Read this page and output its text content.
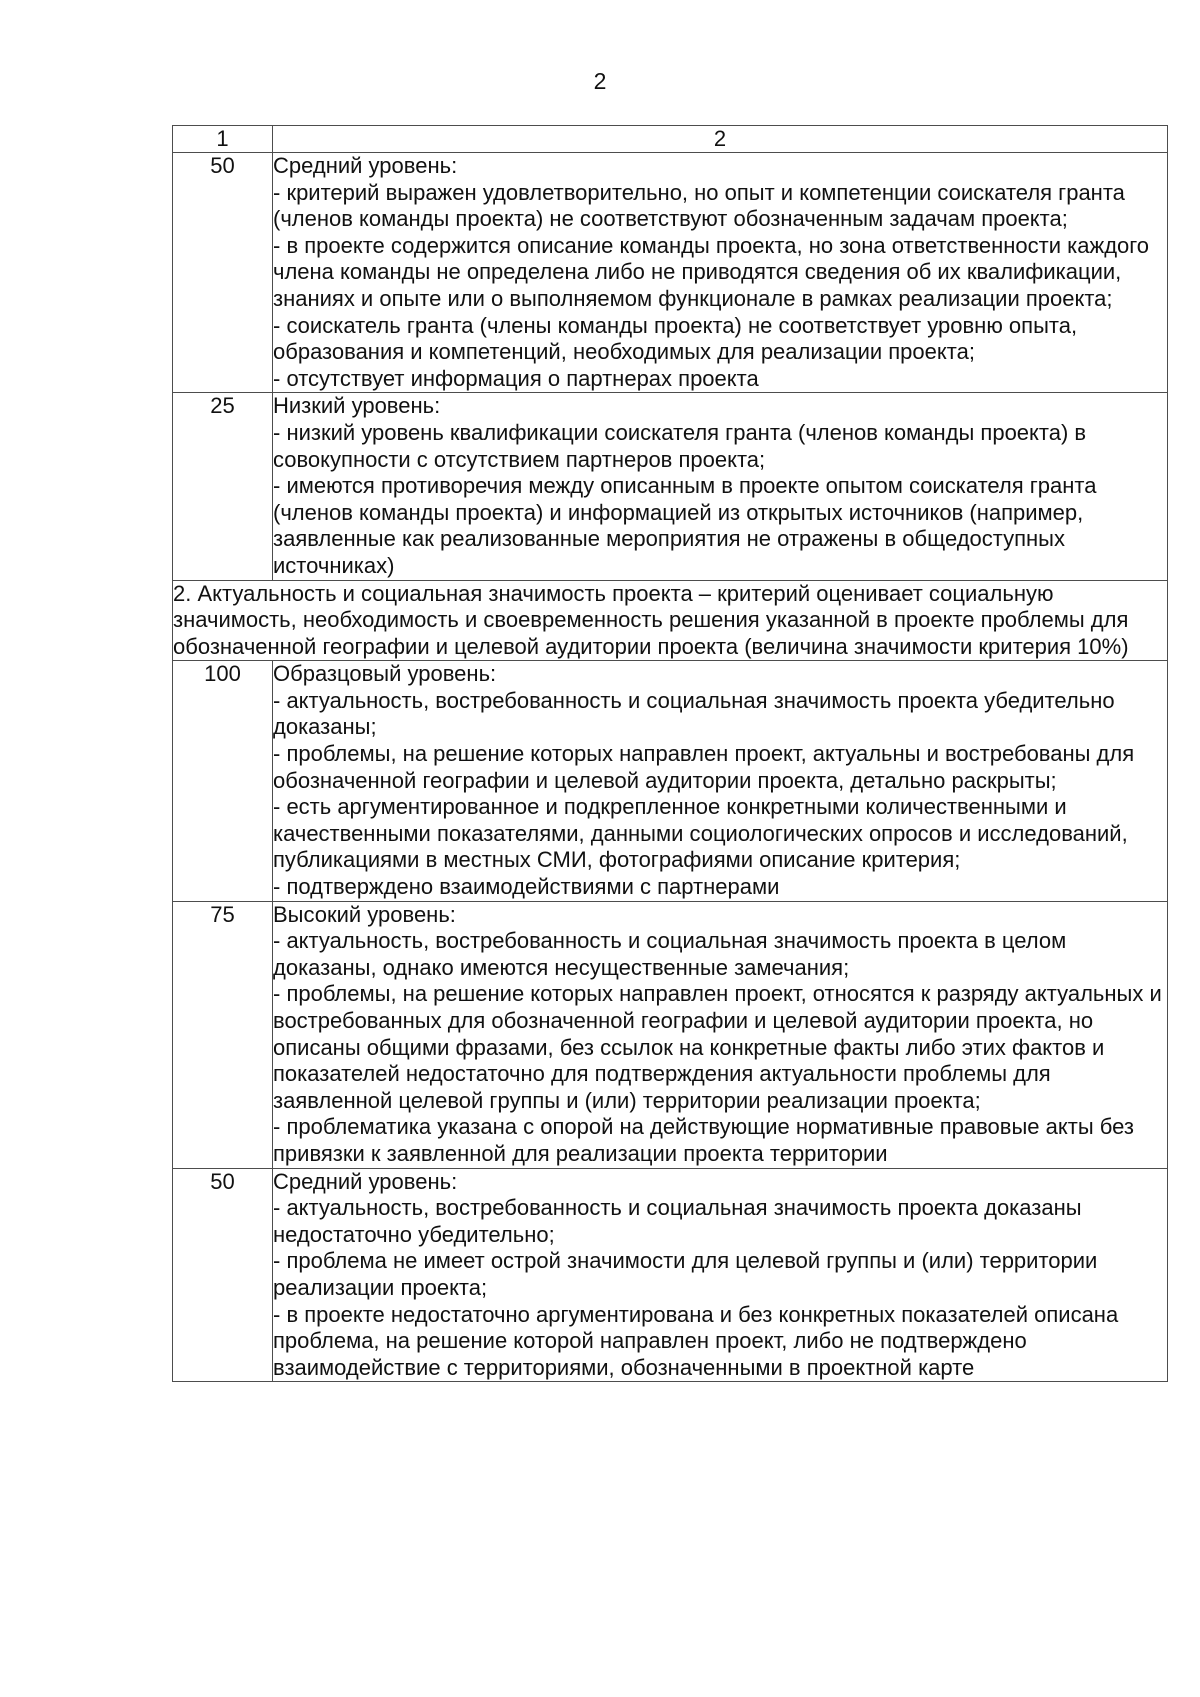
2
1	2
50	Средний уровень:
- критерий выражен удовлетворительно, но опыт и компетенции соискателя гранта (членов команды проекта) не соответствуют обозначенным задачам проекта;
- в проекте содержится описание команды проекта, но зона ответственности каждого члена команды не определена либо не приводятся сведения об их квалификации, знаниях и опыте или о выполняемом функционале в рамках реализации проекта;
- соискатель гранта (члены команды проекта) не соответствует уровню опыта, образования и компетенций, необходимых для реализации проекта;
- отсутствует информация о партнерах проекта

25	Низкий уровень:
- низкий уровень квалификации соискателя гранта (членов команды проекта) в совокупности с отсутствием партнеров проекта;
- имеются противоречия между описанным в проекте опытом соискателя гранта (членов команды проекта) и информацией из открытых источников (например, заявленные как реализованные мероприятия не отражены в общедоступных источниках)

2. Актуальность и социальная значимость проекта – критерий оценивает социальную значимость, необходимость и своевременность решения указанной в проекте проблемы для обозначенной географии и целевой аудитории проекта (величина значимости критерия 10%)	
100	Образцовый уровень:
- актуальность, востребованность и социальная значимость проекта убедительно доказаны;
- проблемы, на решение которых направлен проект, актуальны и востребованы для обозначенной географии и целевой аудитории проекта, детально раскрыты;
- есть аргументированное и подкрепленное конкретными количественными и качественными показателями, данными социологических опросов и исследований, публикациями в местных СМИ, фотографиями описание критерия;
- подтверждено взаимодействиями с партнерами

75	Высокий уровень:
- актуальность, востребованность и социальная значимость проекта в целом доказаны, однако имеются несущественные замечания;
- проблемы, на решение которых направлен проект, относятся к разряду актуальных и востребованных для обозначенной географии и целевой аудитории проекта, но описаны общими фразами, без ссылок на конкретные факты либо этих фактов и показателей недостаточно для подтверждения актуальности проблемы для заявленной целевой группы и (или) территории реализации проекта;
- проблематика указана с опорой на действующие нормативные правовые акты без привязки к заявленной для реализации проекта территории

50	Средний уровень:
- актуальность, востребованность и социальная значимость проекта доказаны недостаточно убедительно;
- проблема не имеет острой значимости для целевой группы и (или) территории реализации проекта;
- в проекте недостаточно аргументирована и без конкретных показателей описана проблема, на решение которой направлен проект, либо не подтверждено взаимодействие с территориями, обозначенными в проектной карте
